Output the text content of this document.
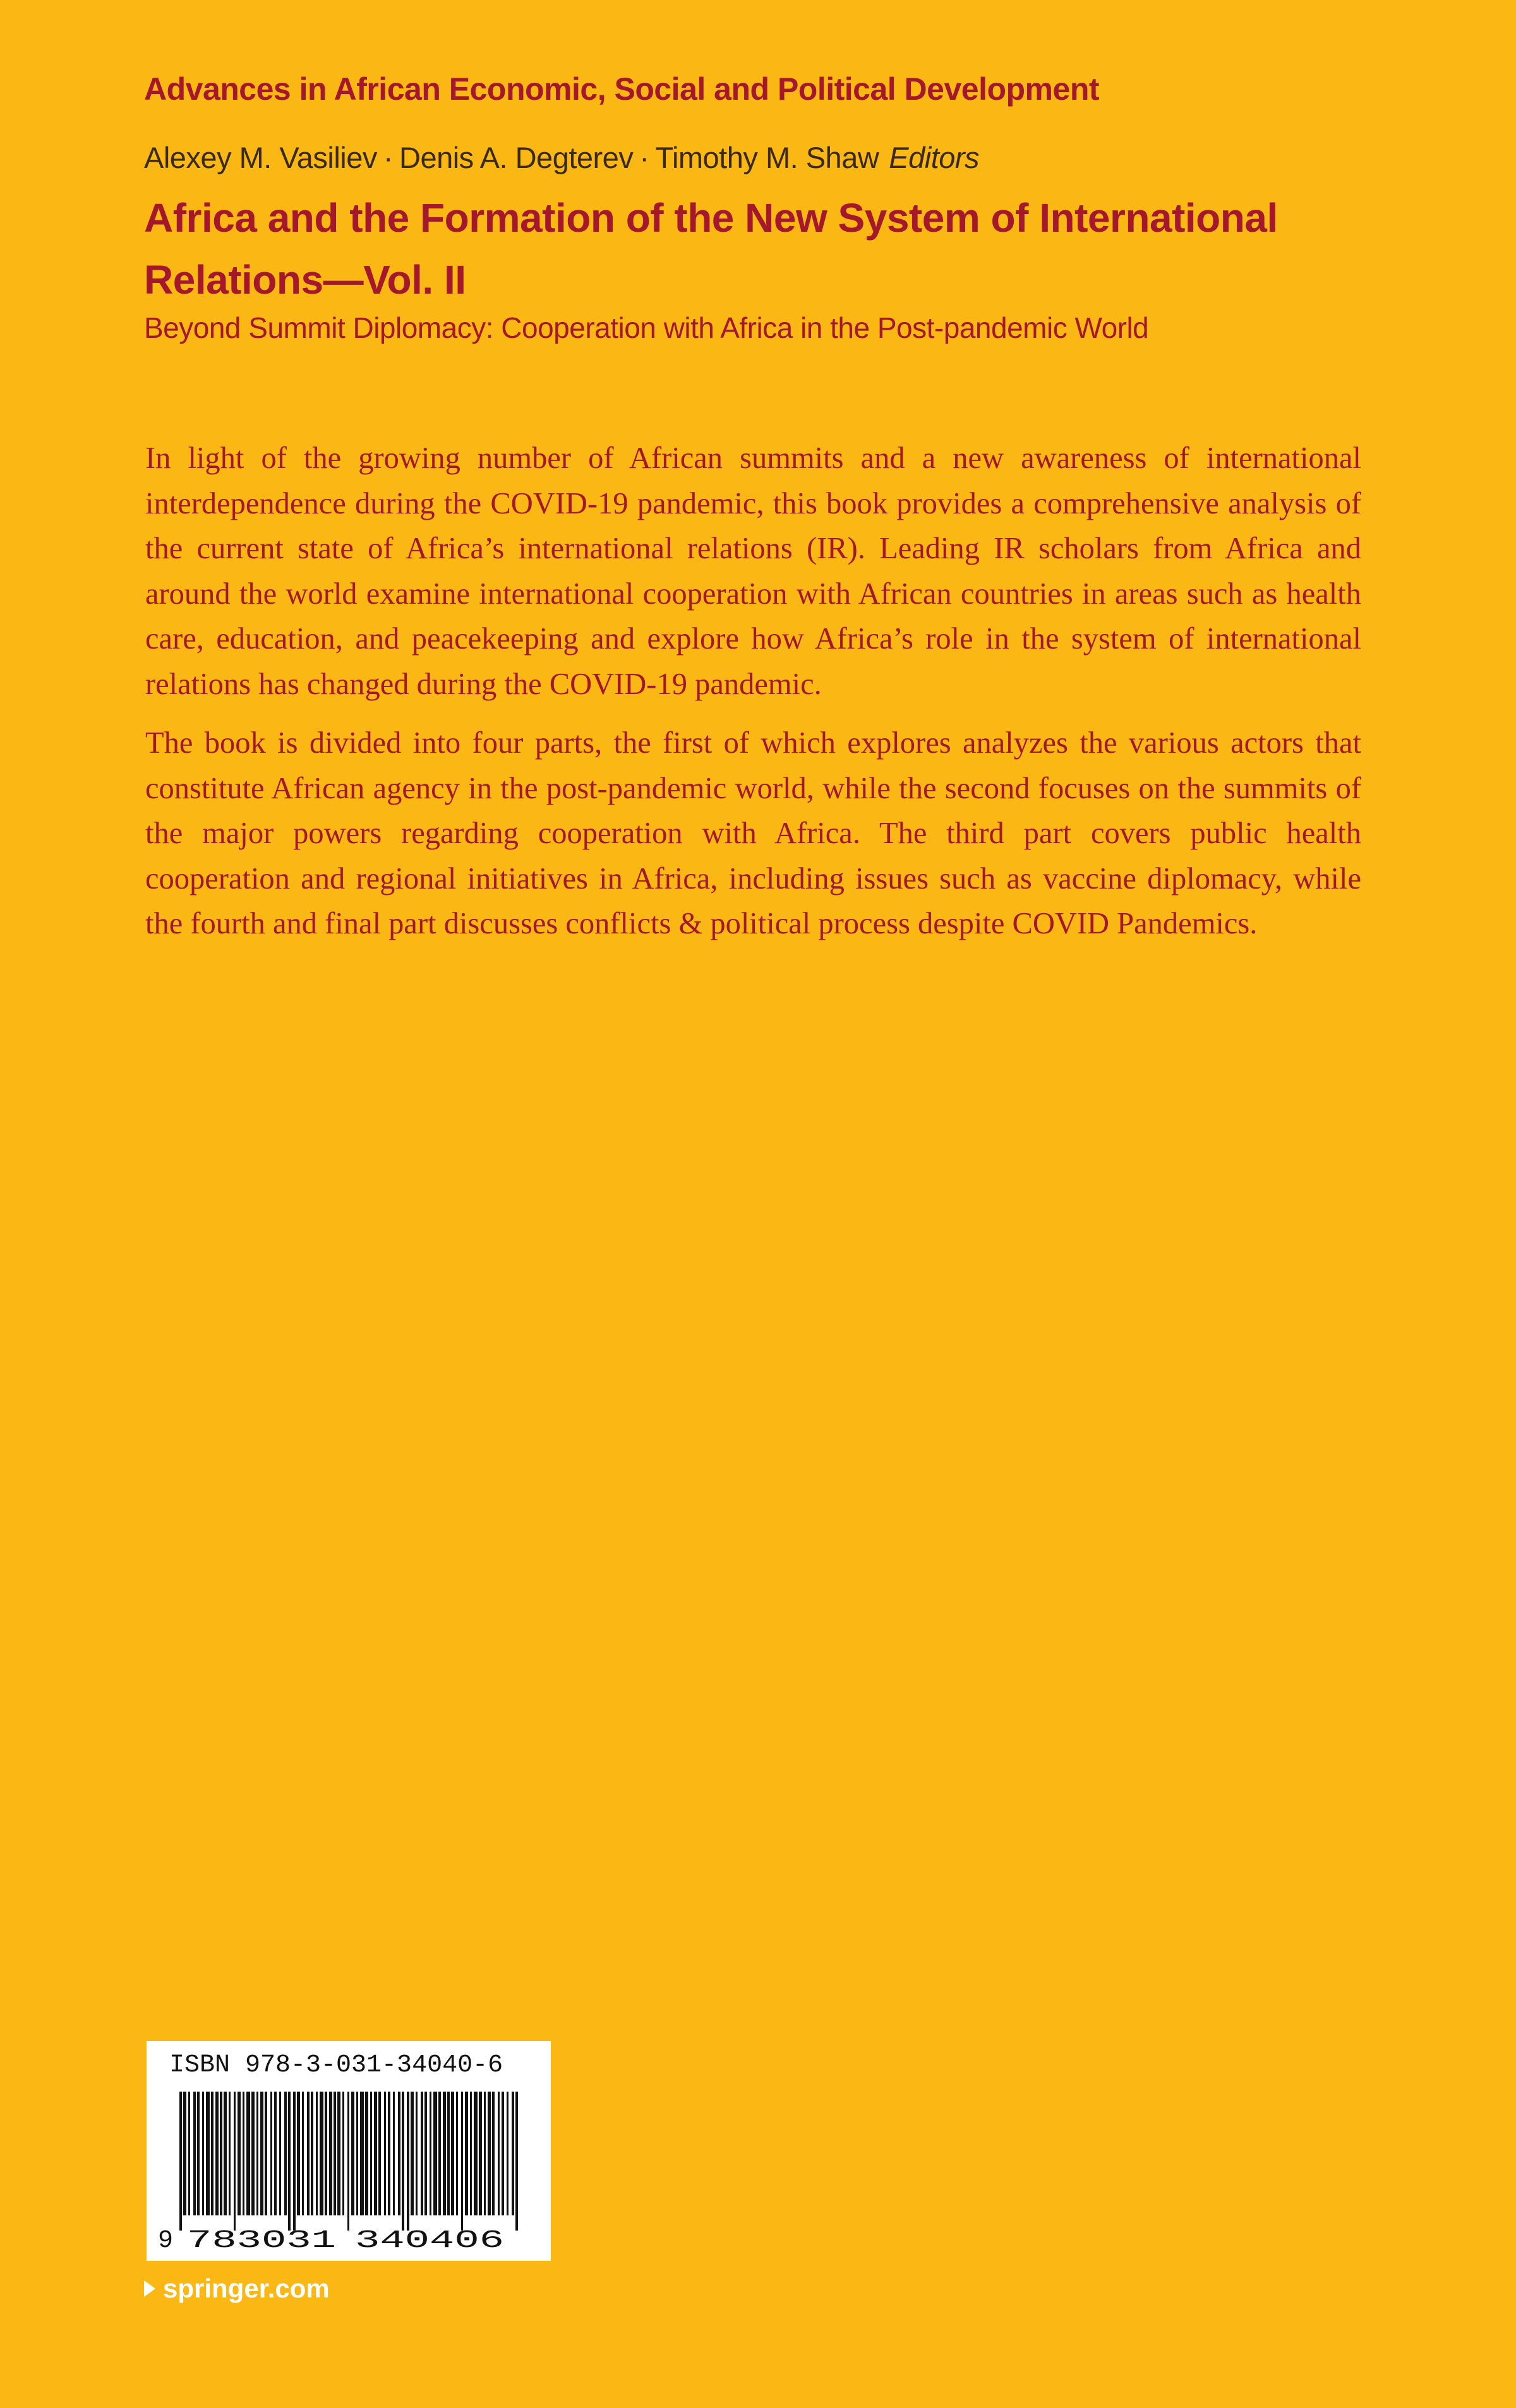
Advances in African Economic, Social and Political Development
Alexey M. Vasiliev · Denis A. Degterev · Timothy M. Shaw Editors
Africa and the Formation of the New System of International
Relations—Vol. II
Beyond Summit Diplomacy: Cooperation with Africa in the Post-pandemic World

In light of the growing number of African summits and a new awareness of international interdependence during the COVID-19 pandemic, this book provides a comprehensive analysis of the current state of Africa’s international relations (IR). Leading IR scholars from Africa and around the world examine international cooperation with African countries in areas such as health care, education, and peacekeeping and explore how Africa’s role in the system of international relations has changed during the COVID-19 pandemic.

The book is divided into four parts, the first of which explores analyzes the various actors that constitute African agency in the post-pandemic world, while the second focuses on the summits of the major powers regarding cooperation with Africa. The third part covers public health cooperation and regional initiatives in Africa, including issues such as vaccine diplomacy, while the fourth and final part discusses conflicts & political process despite COVID Pandemics.

9 783031 340406
ISBN 978-3-031-34040-6
springer.com
